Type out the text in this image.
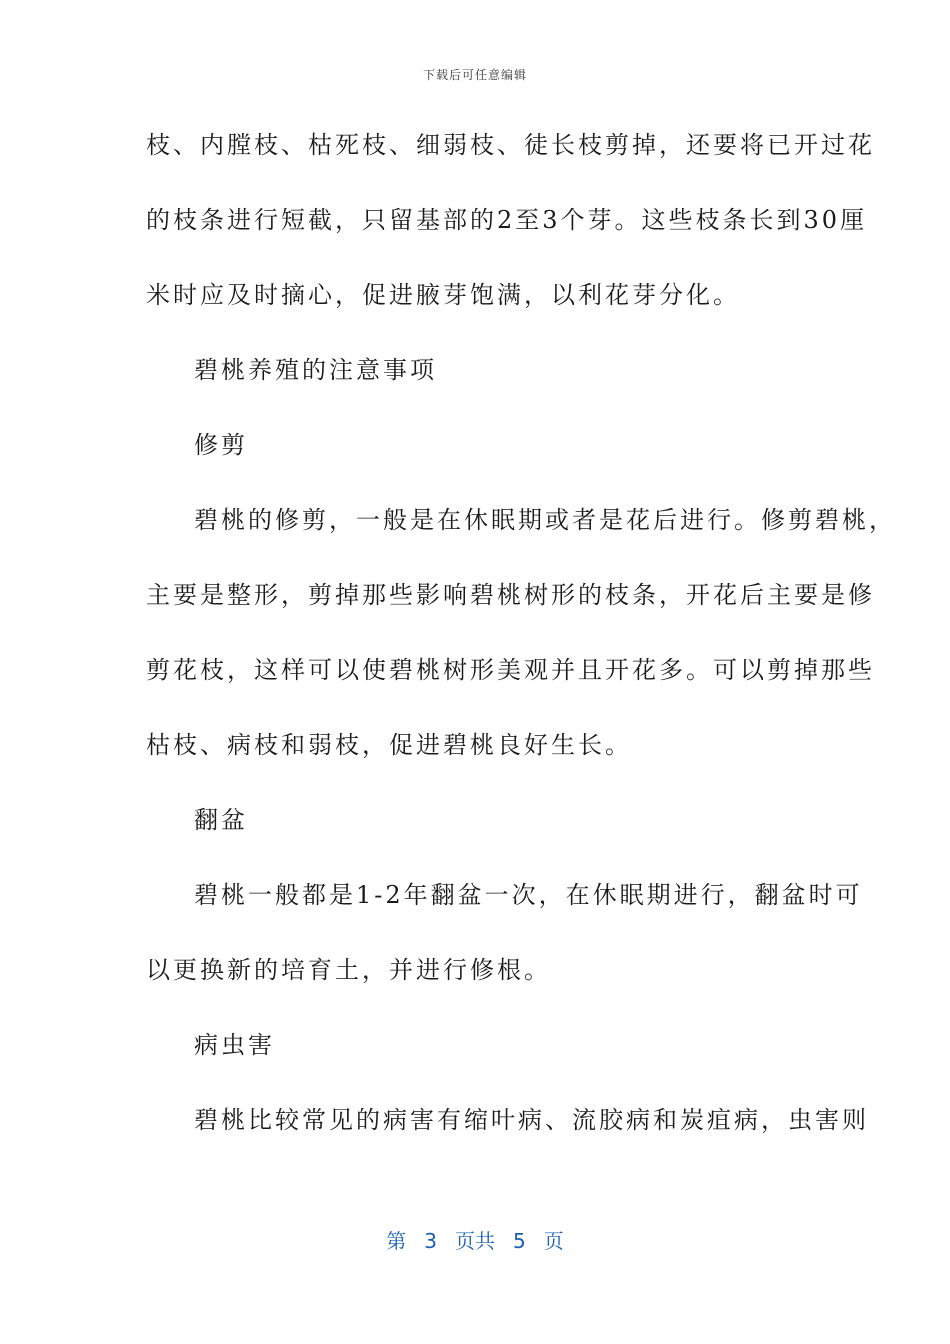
下载后可任意编辑
枝、内膛枝、枯死枝、细弱枝、徒长枝剪掉，还要将已开过花
的枝条进行短截，只留基部的2至3个芽。这些枝条长到30厘
米时应及时摘心，促进腋芽饱满，以利花芽分化。
碧桃养殖的注意事项
修剪
碧桃的修剪，一般是在休眠期或者是花后进行。修剪碧桃，
主要是整形，剪掉那些影响碧桃树形的枝条，开花后主要是修
剪花枝，这样可以使碧桃树形美观并且开花多。可以剪掉那些
枯枝、病枝和弱枝，促进碧桃良好生长。
翻盆
碧桃一般都是1-2年翻盆一次，在休眠期进行，翻盆时可
以更换新的培育土，并进行修根。
病虫害
碧桃比较常见的病害有缩叶病、流胶病和炭疽病，虫害则
第 3 页共 5 页
